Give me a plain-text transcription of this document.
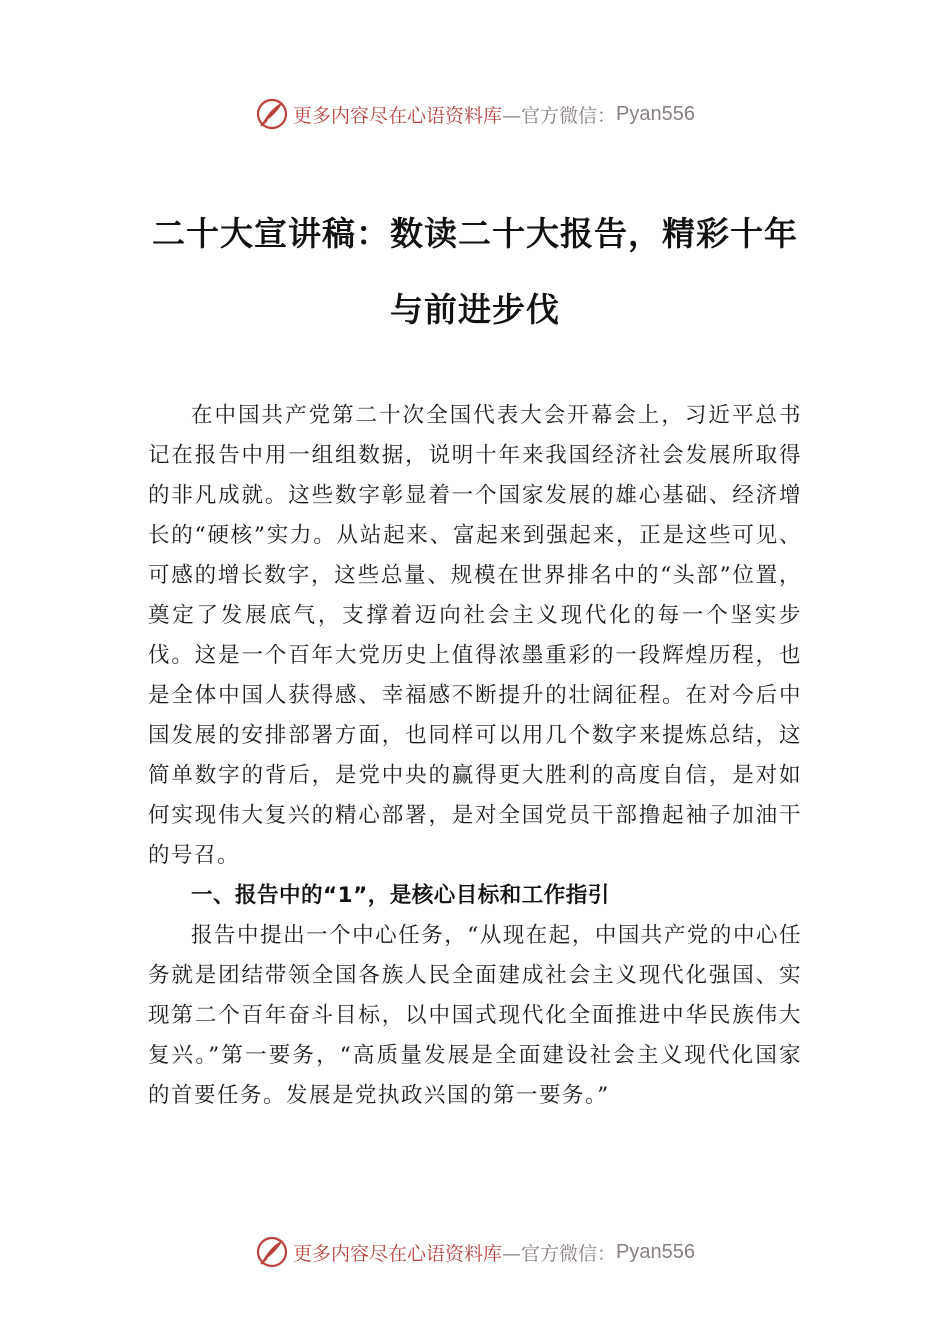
更多内容尽在心语资料库 —官方微信： Pyan556
二十大宣讲稿：数读二十大报告，精彩十年与前进步伐

在中国共产党第二十次全国代表大会开幕会上，习近平总书记在报告中用一组组数据，说明十年来我国经济社会发展所取得的非凡成就。这些数字彰显着一个国家发展的雄心基础、经济增长的“硬核”实力。从站起来、富起来到强起来，正是这些可见、可感的增长数字，这些总量、规模在世界排名中的“头部”位置，奠定了发展底气，支撑着迈向社会主义现代化的每一个坚实步伐。这是一个百年大党历史上值得浓墨重彩的一段辉煌历程，也是全体中国人获得感、幸福感不断提升的壮阔征程。在对今后中国发展的安排部署方面，也同样可以用几个数字来提炼总结，这简单数字的背后，是党中央的赢得更大胜利的高度自信，是对如何实现伟大复兴的精心部署，是对全国党员干部撸起袖子加油干的号召。

一、报告中的“1”，是核心目标和工作指引

报告中提出一个中心任务，“从现在起，中国共产党的中心任务就是团结带领全国各族人民全面建成社会主义现代化强国、实现第二个百年奋斗目标，以中国式现代化全面推进中华民族伟大复兴。”第一要务，“高质量发展是全面建设社会主义现代化国家的首要任务。发展是党执政兴国的第一要务。”

更多内容尽在心语资料库 —官方微信： Pyan556
